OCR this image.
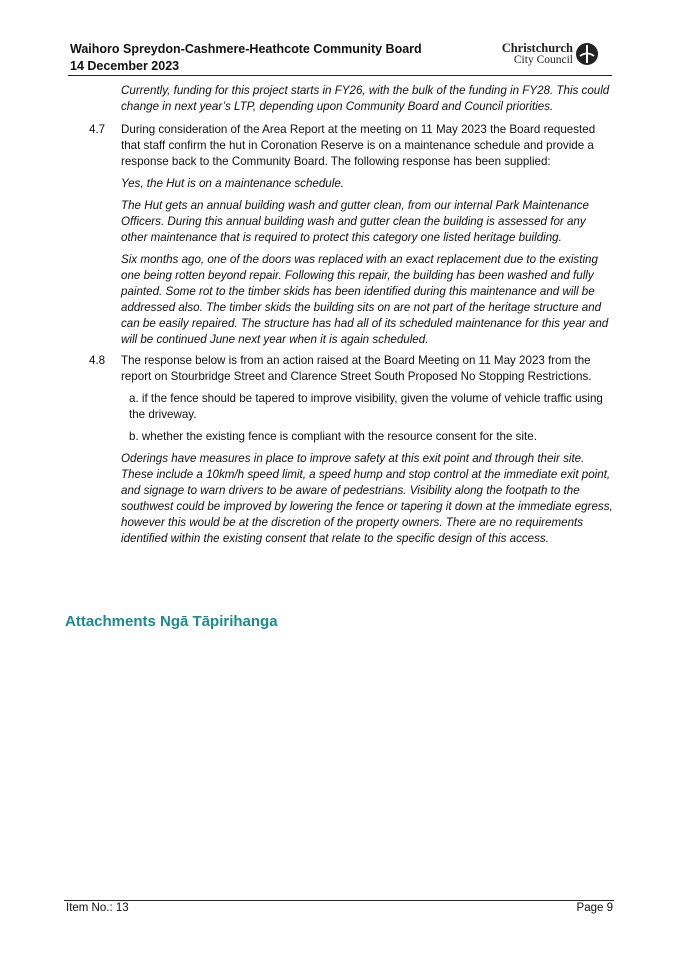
Waihoro Spreydon-Cashmere-Heathcote Community Board
14 December 2023
Christchurch
City Council

Currently, funding for this project starts in FY26, with the bulk of the funding in FY28. This could change in next year’s LTP, depending upon Community Board and Council priorities.

4.7 During consideration of the Area Report at the meeting on 11 May 2023 the Board requested that staff confirm the hut in Coronation Reserve is on a maintenance schedule and provide a response back to the Community Board. The following response has been supplied:

Yes, the Hut is on a maintenance schedule.

The Hut gets an annual building wash and gutter clean, from our internal Park Maintenance Officers. During this annual building wash and gutter clean the building is assessed for any other maintenance that is required to protect this category one listed heritage building.

Six months ago, one of the doors was replaced with an exact replacement due to the existing one being rotten beyond repair. Following this repair, the building has been washed and fully painted. Some rot to the timber skids has been identified during this maintenance and will be addressed also. The timber skids the building sits on are not part of the heritage structure and can be easily repaired. The structure has had all of its scheduled maintenance for this year and will be continued June next year when it is again scheduled.

4.8 The response below is from an action raised at the Board Meeting on 11 May 2023 from the report on Stourbridge Street and Clarence Street South Proposed No Stopping Restrictions.

a. if the fence should be tapered to improve visibility, given the volume of vehicle traffic using the driveway.

b. whether the existing fence is compliant with the resource consent for the site.

Oderings have measures in place to improve safety at this exit point and through their site. These include a 10km/h speed limit, a speed hump and stop control at the immediate exit point, and signage to warn drivers to be aware of pedestrians. Visibility along the footpath to the southwest could be improved by lowering the fence or tapering it down at the immediate egress, however this would be at the discretion of the property owners. There are no requirements identified within the existing consent that relate to the specific design of this access.

Attachments Ngā Tāpirihanga
Item No.: 13	Page 9
